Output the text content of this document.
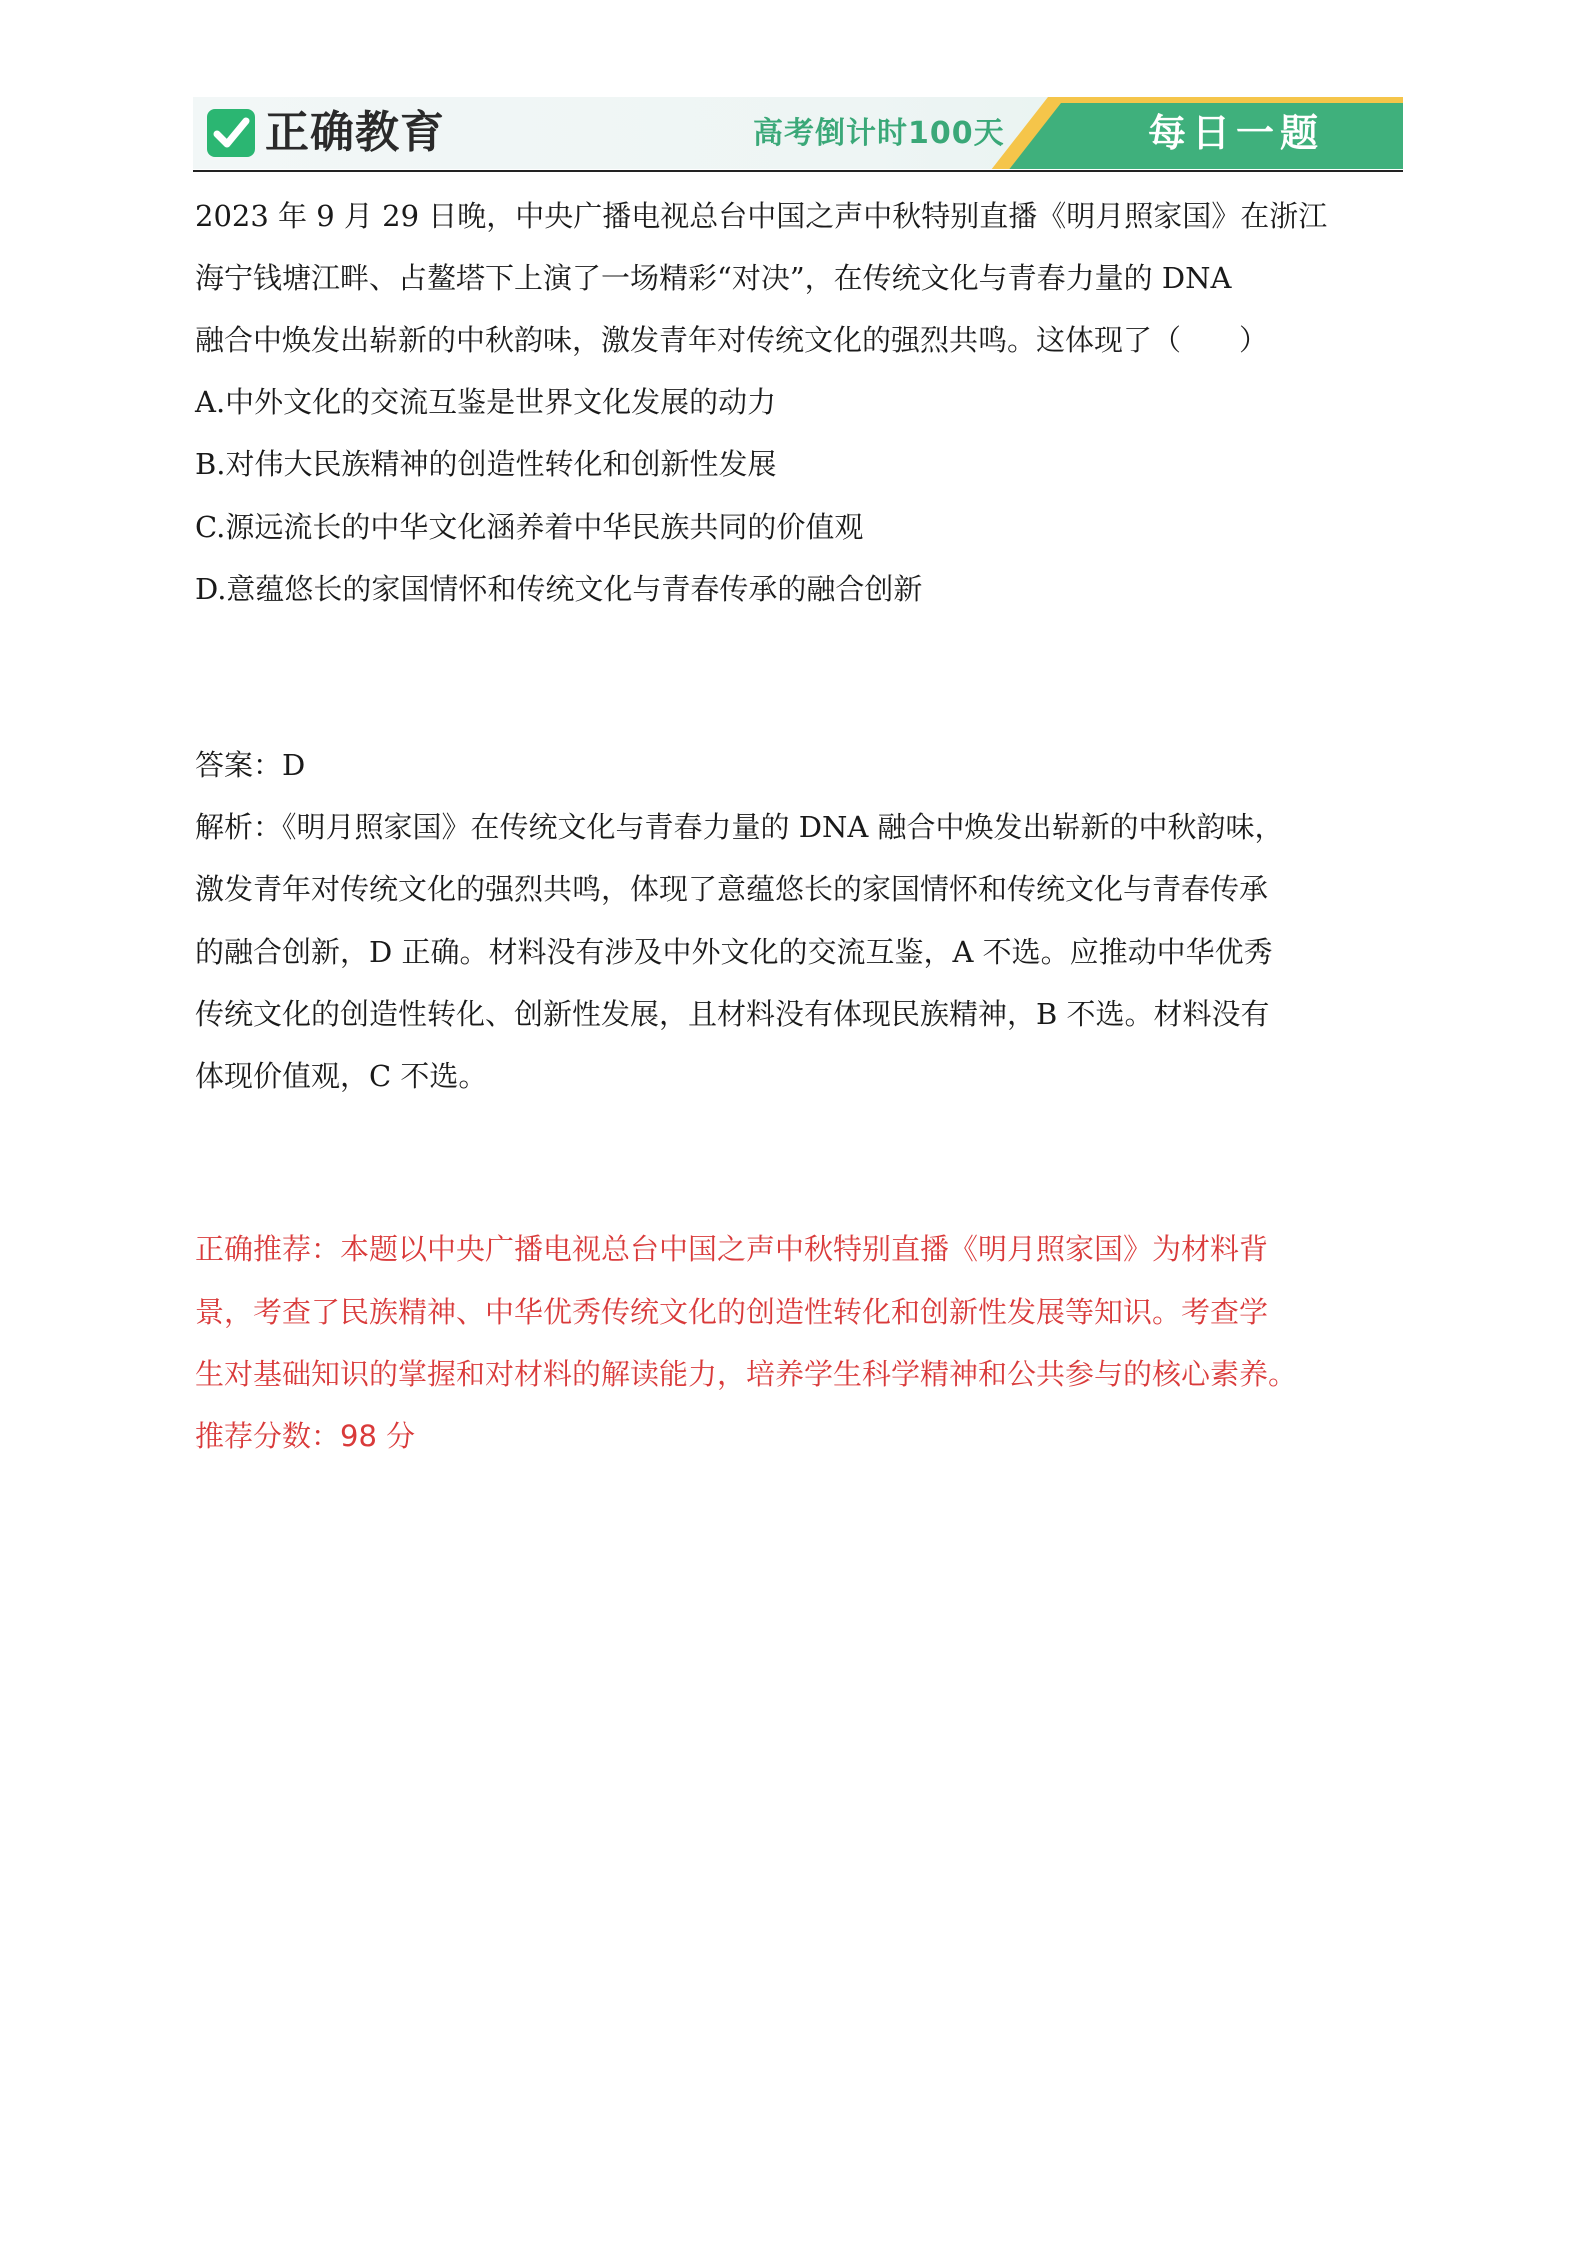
正确教育	高考倒计时100天	每日一题
2023 年 9 月 29 日晚，中央广播电视总台中国之声中秋特别直播《明月照家国》在浙江
海宁钱塘江畔、占鳌塔下上演了一场精彩“对决”，在传统文化与青春力量的 DNA
融合中焕发出崭新的中秋韵味，激发青年对传统文化的强烈共鸣。这体现了（　　）
A.中外文化的交流互鉴是世界文化发展的动力
B.对伟大民族精神的创造性转化和创新性发展
C.源远流长的中华文化涵养着中华民族共同的价值观
D.意蕴悠长的家国情怀和传统文化与青春传承的融合创新
答案：D
解析：《明月照家国》在传统文化与青春力量的 DNA 融合中焕发出崭新的中秋韵味，
激发青年对传统文化的强烈共鸣，体现了意蕴悠长的家国情怀和传统文化与青春传承
的融合创新，D 正确。材料没有涉及中外文化的交流互鉴，A 不选。应推动中华优秀
传统文化的创造性转化、创新性发展，且材料没有体现民族精神，B 不选。材料没有
体现价值观，C 不选。
正确推荐：本题以中央广播电视总台中国之声中秋特别直播《明月照家国》为材料背
景，考查了民族精神、中华优秀传统文化的创造性转化和创新性发展等知识。考查学
生对基础知识的掌握和对材料的解读能力，培养学生科学精神和公共参与的核心素养。
推荐分数：98 分
